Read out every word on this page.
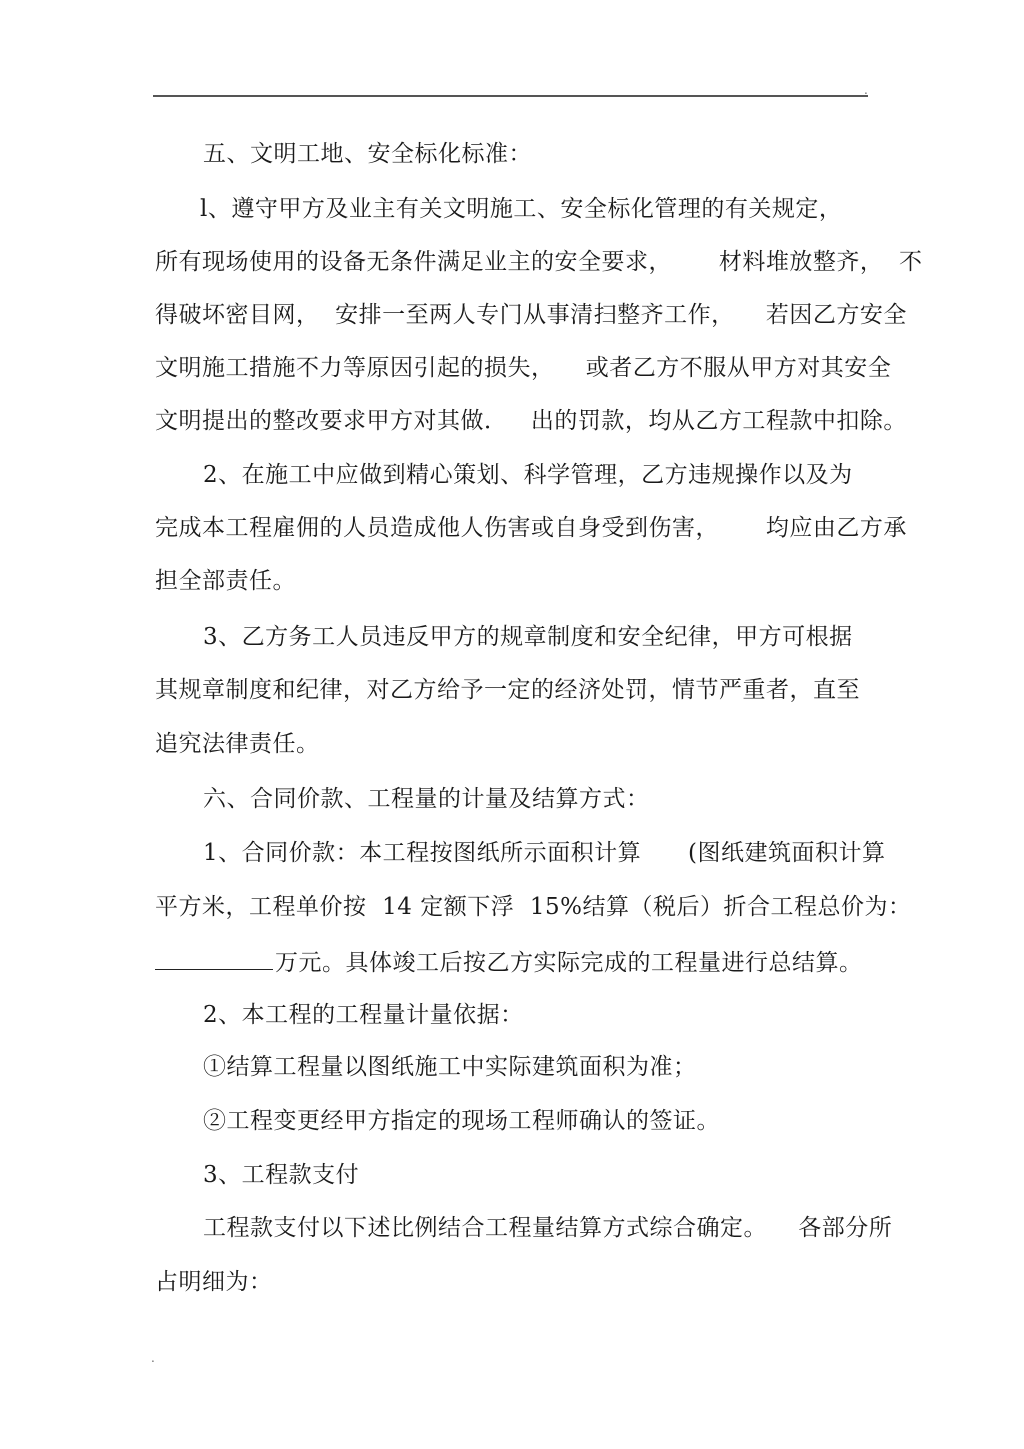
.
五、文明工地、安全标化标准：
l、遵守甲方及业主有关文明施工、安全标化管理的有关规定，
所有现场使用的设备无条件满足业主的安全要求，      材料堆放整齐，  不
得破坏密目网，  安排一至两人专门从事清扫整齐工作，    若因乙方安全
文明施工措施不力等原因引起的损失，    或者乙方不服从甲方对其安全
文明提出的整改要求甲方对其做．   出的罚款，均从乙方工程款中扣除。
2、在施工中应做到精心策划、科学管理，乙方违规操作以及为
完成本工程雇佣的人员造成他人伤害或自身受到伤害，      均应由乙方承
担全部责任。
3、乙方务工人员违反甲方的规章制度和安全纪律，甲方可根据
其规章制度和纪律，对乙方给予一定的经济处罚，情节严重者，直至
追究法律责任。
六、合同价款、工程量的计量及结算方式：
1、合同价款：本工程按图纸所示面积计算      (图纸建筑面积计算
平方米，工程单价按  14 定额下浮  15%结算（税后）折合工程总价为：
万元。具体竣工后按乙方实际完成的工程量进行总结算。
2、本工程的工程量计量依据：
①结算工程量以图纸施工中实际建筑面积为准；
②工程变更经甲方指定的现场工程师确认的签证。
3、工程款支付
工程款支付以下述比例结合工程量结算方式综合确定。    各部分所
占明细为：
.
